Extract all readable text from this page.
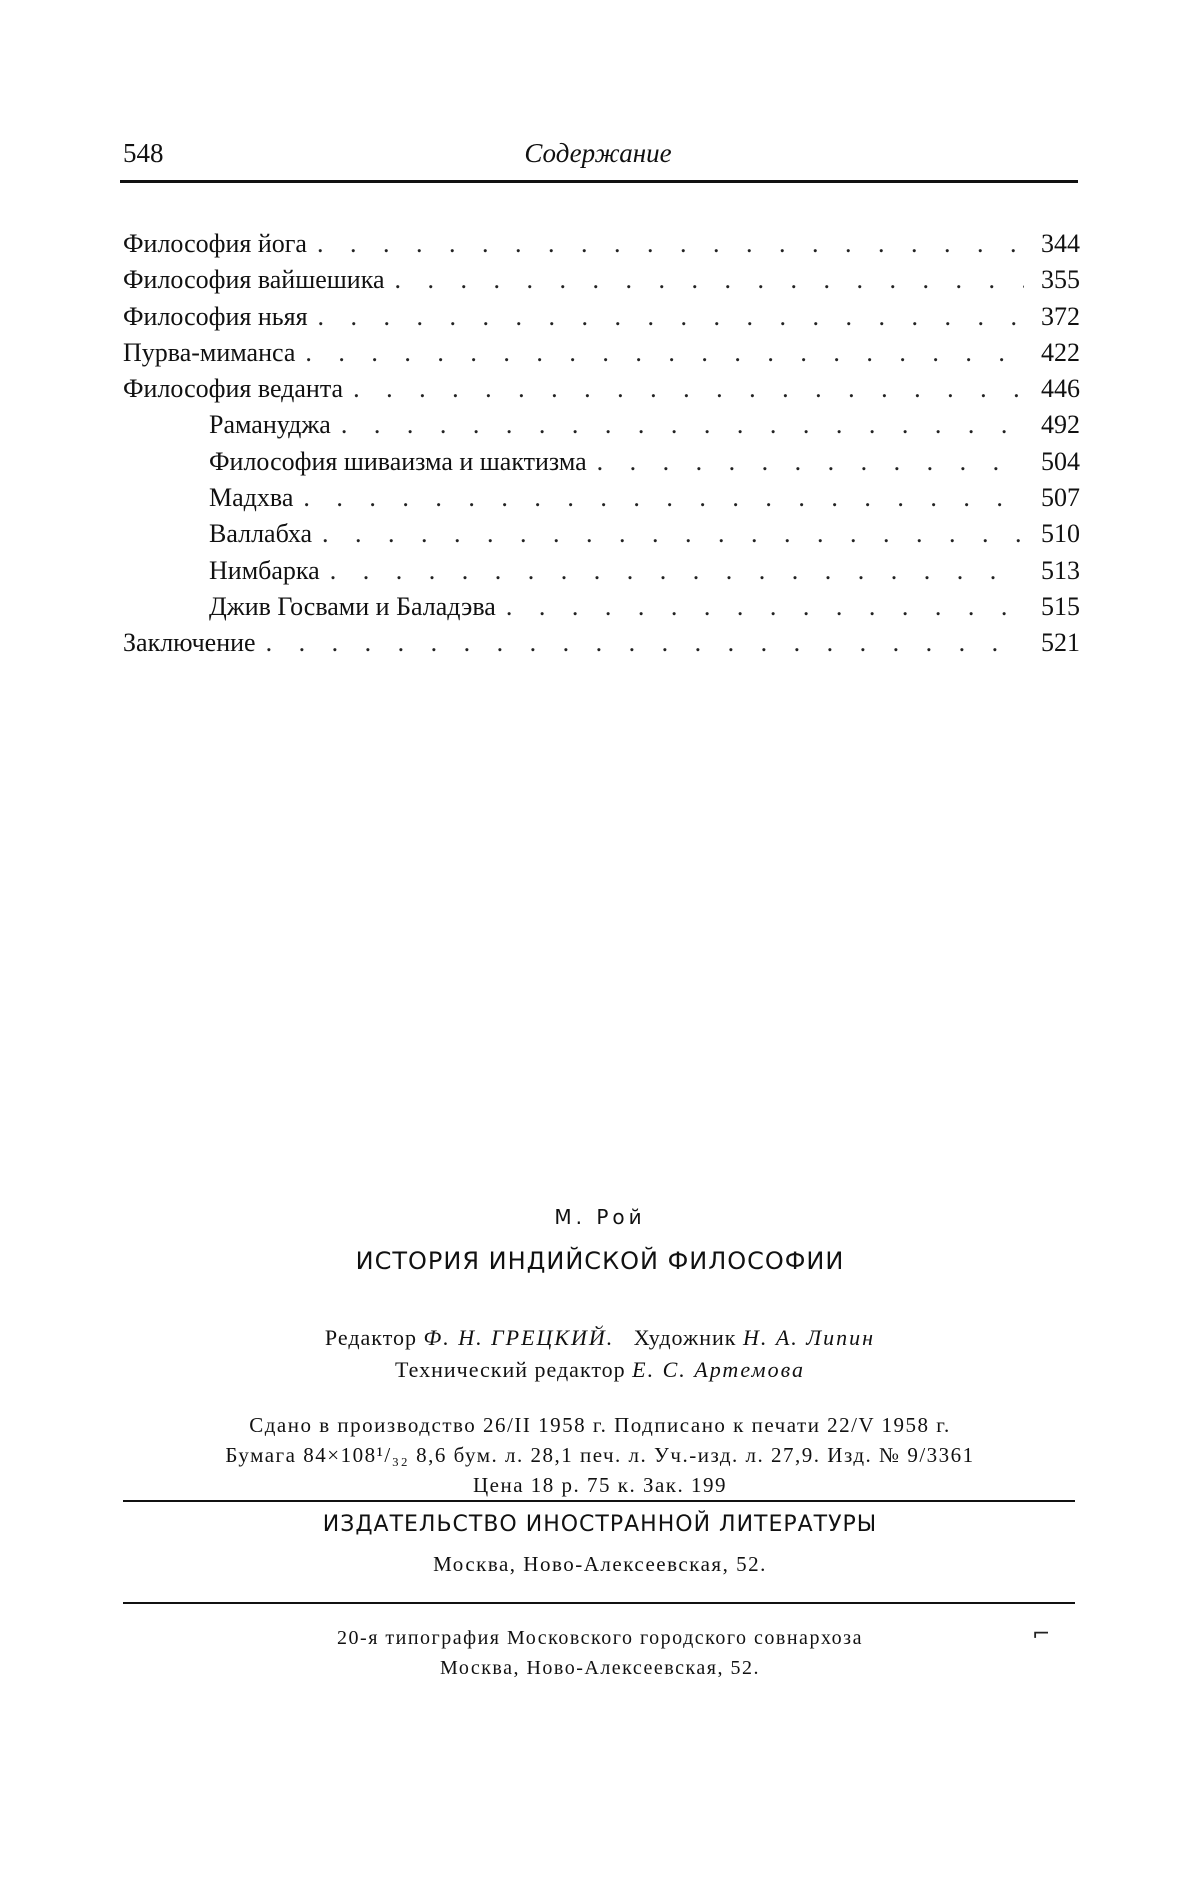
548	Содержание
Философия йога . . .	344
Философия вайшешика . . .	355
Философия ньяя . . .	372
Пурва-миманса . . .	422
Философия веданта . . .	446
Рамануджа . . .	492
Философия шиваизма и шактизма . . .	504
Мадхва . . .	507
Валлабха . . .	510
Нимбарка . . .	513
Джив Госвами и Баладэва . . .	515
Заключение . . .	521
М. Рой
ИСТОРИЯ ИНДИЙСКОЙ ФИЛОСОФИИ
Редактор Ф. Н. ГРЕЦКИЙ. Художник Н. А. Липин
Технический редактор Е. С. Артемова
Сдано в производство 26/II 1958 г. Подписано к печати 22/V 1958 г.
Бумага 84×108¹/₃₂ 8,6 бум. л. 28,1 печ. л. Уч.-изд. л. 27,9. Изд. № 9/3361
Цена 18 р. 75 к. Зак. 199
ИЗДАТЕЛЬСТВО ИНОСТРАННОЙ ЛИТЕРАТУРЫ
Москва, Ново-Алексеевская, 52.
20-я типография Московского городского совнархоза
Москва, Ново-Алексеевская, 52.
⌐
